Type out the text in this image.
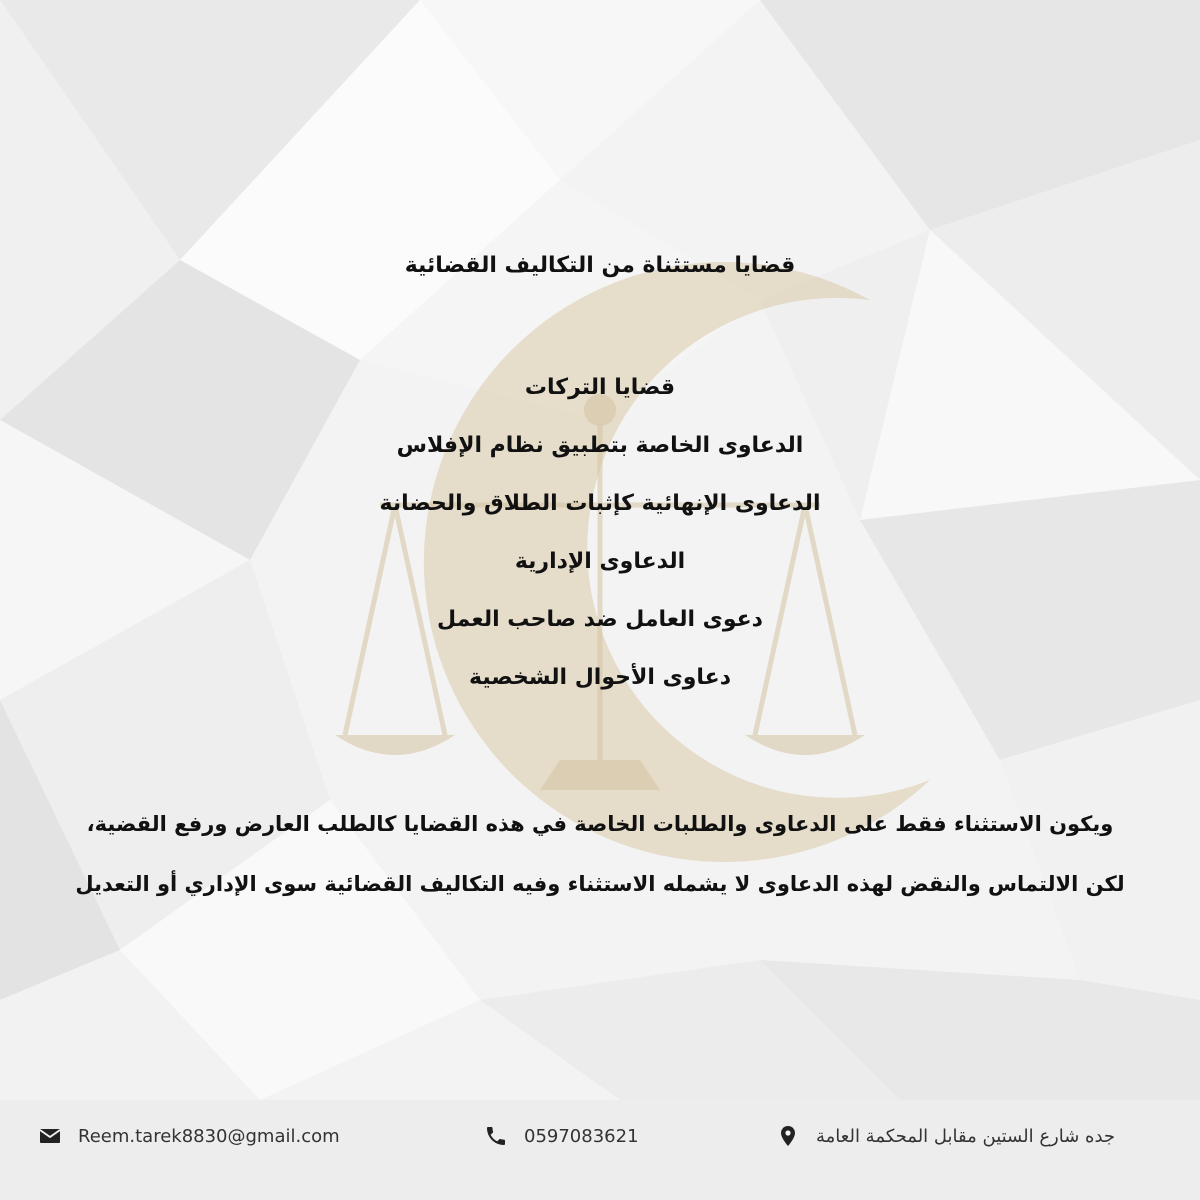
قضايا مستثناة من التكاليف القضائية
قضايا التركات
الدعاوى الخاصة بتطبيق نظام الإفلاس
الدعاوى الإنهائية كإثبات الطلاق والحضانة
الدعاوى الإدارية
دعوى العامل ضد صاحب العمل
دعاوى الأحوال الشخصية

ويكون الاستثناء فقط على الدعاوى والطلبات الخاصة في هذه القضايا كالطلب العارض ورفع القضية،

لكن الالتماس والنقض لهذه الدعاوى لا يشمله الاستثناء وفيه التكاليف القضائية سوى الإداري أو التعديل

Reem.tarek8830@gmail.com	0597083621	جده شارع الستين مقابل المحكمة العامة
